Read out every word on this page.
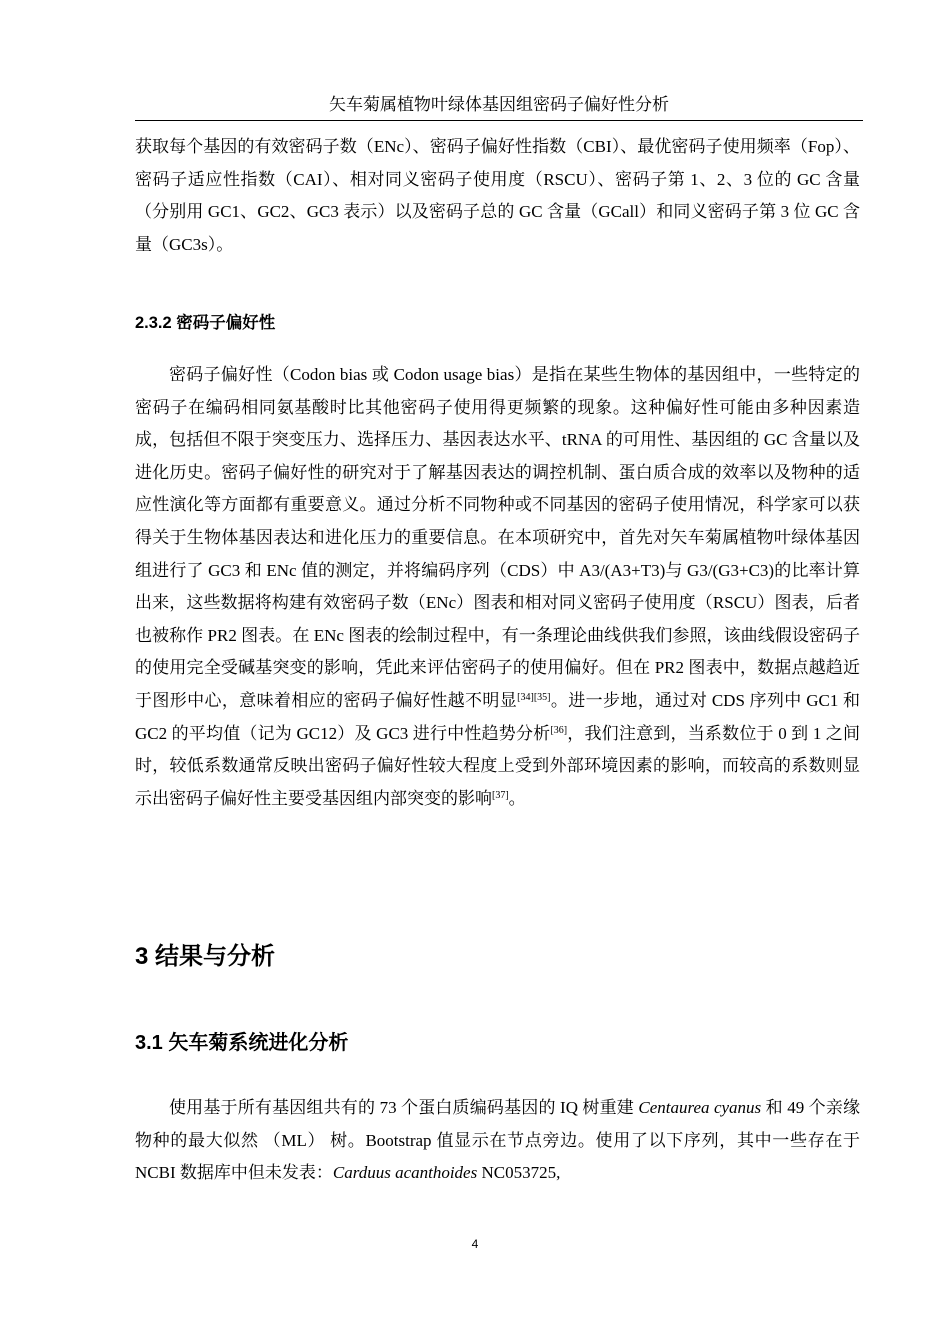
矢车菊属植物叶绿体基因组密码子偏好性分析

获取每个基因的有效密码子数（ENc）、密码子偏好性指数（CBI）、最优密码子使用频率（Fop）、密码子适应性指数（CAI）、相对同义密码子使用度（RSCU）、密码子第 1、2、3 位的 GC 含量（分别用 GC1、GC2、GC3 表示）以及密码子总的 GC 含量（GCall）和同义密码子第 3 位 GC 含量（GC3s）。

2.3.2 密码子偏好性

密码子偏好性（Codon bias 或 Codon usage bias）是指在某些生物体的基因组中，一些特定的密码子在编码相同氨基酸时比其他密码子使用得更频繁的现象。这种偏好性可能由多种因素造成，包括但不限于突变压力、选择压力、基因表达水平、tRNA 的可用性、基因组的 GC 含量以及进化历史。密码子偏好性的研究对于了解基因表达的调控机制、蛋白质合成的效率以及物种的适应性演化等方面都有重要意义。通过分析不同物种或不同基因的密码子使用情况，科学家可以获得关于生物体基因表达和进化压力的重要信息。在本项研究中，首先对矢车菊属植物叶绿体基因组进行了 GC3 和 ENc 值的测定，并将编码序列（CDS）中 A3/(A3+T3)与 G3/(G3+C3)的比率计算出来，这些数据将构建有效密码子数（ENc）图表和相对同义密码子使用度（RSCU）图表，后者也被称作 PR2 图表。在 ENc 图表的绘制过程中，有一条理论曲线供我们参照，该曲线假设密码子的使用完全受碱基突变的影响，凭此来评估密码子的使用偏好。但在 PR2 图表中，数据点越趋近于图形中心，意味着相应的密码子偏好性越不明显[34][35]。进一步地，通过对 CDS 序列中 GC1 和 GC2 的平均值（记为 GC12）及 GC3 进行中性趋势分析[36]，我们注意到，当系数位于 0 到 1 之间时，较低系数通常反映出密码子偏好性较大程度上受到外部环境因素的影响，而较高的系数则显示出密码子偏好性主要受基因组内部突变的影响[37]。

3 结果与分析
3.1 矢车菊系统进化分析

使用基于所有基因组共有的 73 个蛋白质编码基因的 IQ 树重建 Centaurea cyanus 和 49 个亲缘物种的最大似然 （ML） 树。Bootstrap 值显示在节点旁边。使用了以下序列，其中一些存在于 NCBI 数据库中但未发表：Carduus acanthoides NC053725,

4
